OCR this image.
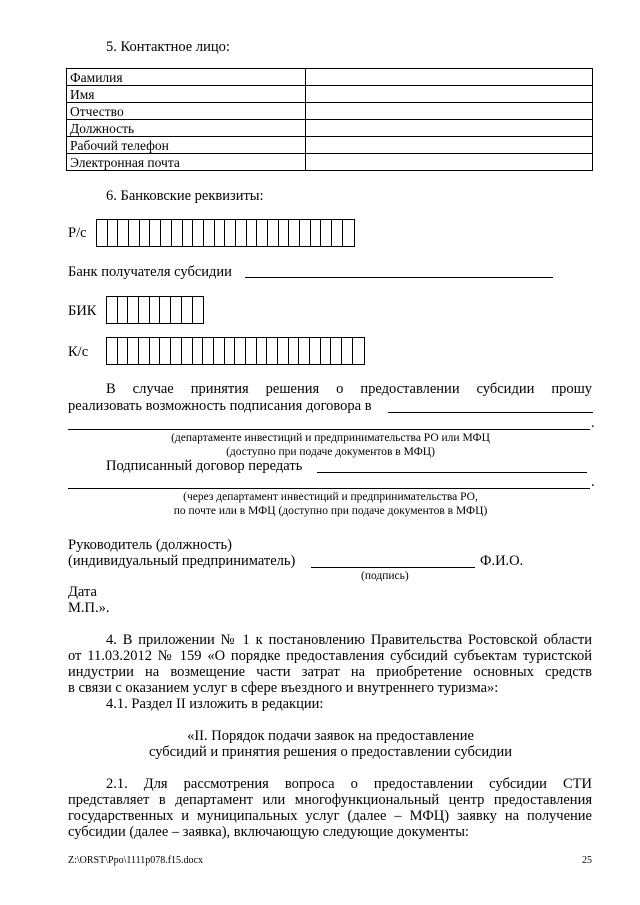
5. Контактное лицо:
Фамилия	
Имя	
Отчество	
Должность	
Рабочий телефон	
Электронная почта	
6. Банковские реквизиты:
Р/с
Банк получателя субсидии
БИК
К/с
В случае принятия решения о предоставлении субсидии прошу
реализовать возможность подписания договора в
.
(департаменте инвестиций и предпринимательства РО или МФЦ
(доступно при подаче документов в МФЦ)
Подписанный договор передать
.
(через департамент инвестиций и предпринимательства РО,
по почте или в МФЦ (доступно при подаче документов в МФЦ)
Руководитель (должность)
(индивидуальный предприниматель)	Ф.И.О.
(подпись)
Дата
М.П.».
4. В приложении № 1 к постановлению Правительства Ростовской области
от 11.03.2012 № 159 «О порядке предоставления субсидий субъектам туристской
индустрии на возмещение части затрат на приобретение основных средств
в связи с оказанием услуг в сфере въездного и внутреннего туризма»:
4.1. Раздел II изложить в редакции:
«II. Порядок подачи заявок на предоставление
субсидий и принятия решения о предоставлении субсидии
2.1. Для рассмотрения вопроса о предоставлении субсидии СТИ
представляет в департамент или многофункциональный центр предоставления
государственных и муниципальных услуг (далее – МФЦ) заявку на получение
субсидии (далее – заявка), включающую следующие документы:
Z:\ORST\Ppo\1111p078.f15.docx	25
